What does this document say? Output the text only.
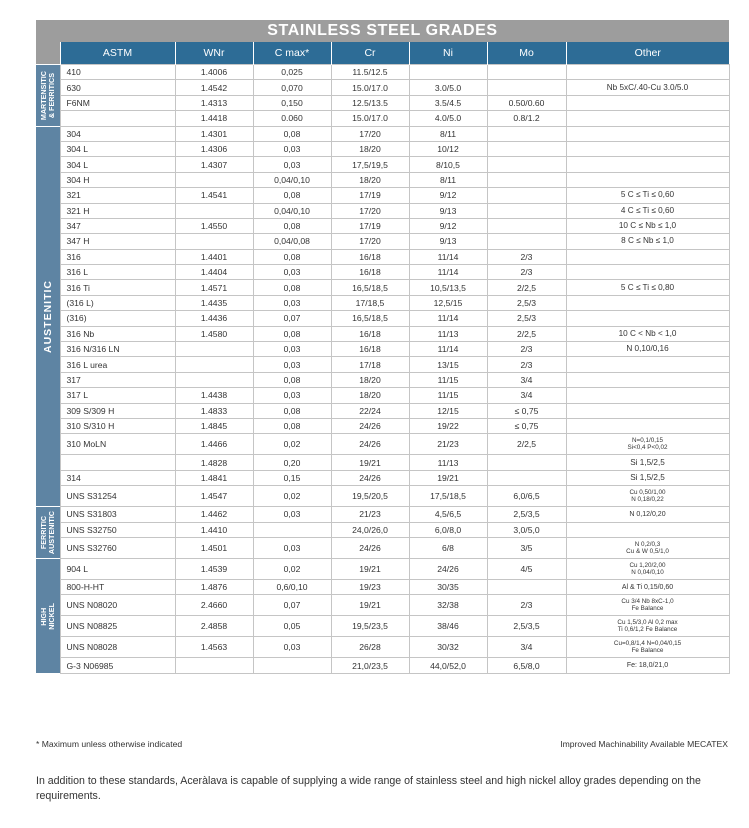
STAINLESS STEEL GRADES
	ASTM	WNr	C max*	Cr	Ni	Mo	Other

MARTENSITIC & FERRITICS	410	1.4006	0,025	11.5/12.5			
	630	1.4542	0,070	15.0/17.0	3.0/5.0		Nb 5xC/.40-Cu 3.0/5.0
	F6NM	1.4313	0,150	12.5/13.5	3.5/4.5	0.50/0.60	
		1.4418	0.060	15.0/17.0	4.0/5.0	0.8/1.2	

AUSTENITIC	304	1.4301	0,08	17/20	8/11		
	304 L	1.4306	0,03	18/20	10/12		
	304 L	1.4307	0,03	17,5/19,5	8/10,5		
	304 H		0,04/0,10	18/20	8/11		
	321	1.4541	0,08	17/19	9/12		5 C ≤ Ti ≤ 0,60
	321 H		0,04/0,10	17/20	9/13		4 C ≤ Ti ≤ 0,60
	347	1.4550	0,08	17/19	9/12		10 C ≤ Nb ≤ 1,0
	347 H		0,04/0,08	17/20	9/13		8 C ≤ Nb ≤ 1,0
	316	1.4401	0,08	16/18	11/14	2/3	
	316 L	1.4404	0,03	16/18	11/14	2/3	
	316 Ti	1.4571	0,08	16,5/18,5	10,5/13,5	2/2,5	5 C ≤ Ti ≤ 0,80
	(316 L)	1.4435	0,03	17/18,5	12,5/15	2,5/3	
	(316)	1.4436	0,07	16,5/18,5	11/14	2,5/3	
	316 Nb	1.4580	0,08	16/18	11/13	2/2,5	10 C < Nb < 1,0
	316 N/316 LN		0,03	16/18	11/14	2/3	N 0,10/0,16
	316 L urea		0,03	17/18	13/15	2/3	
	317		0,08	18/20	11/15	3/4	
	317 L	1.4438	0,03	18/20	11/15	3/4	
	309 S/309 H	1.4833	0,08	22/24	12/15	≤ 0,75	
	310 S/310 H	1.4845	0,08	24/26	19/22	≤ 0,75	
	310 MoLN	1.4466	0,02	24/26	21/23	2/2,5	N=0,1/0,15
Si<0,4 P<0,02

		1.4828	0,20	19/21	11/13		Si 1,5/2,5
	314	1.4841	0,15	24/26	19/21		Si 1,5/2,5
	UNS S31254	1.4547	0,02	19,5/20,5	17,5/18,5	6,0/6,5	Cu 0,50/1,00
N 0,18/0,22

FERRITIC AUSTENITIC	UNS S31803	1.4462	0,03	21/23	4,5/6,5	2,5/3,5	N 0,12/0,20

	UNS S32750	1.4410		24,0/26,0	6,0/8,0	3,0/5,0	
	UNS S32760	1.4501	0,03	24/26	6/8	3/5	N 0,2/0,3
Cu & W 0,5/1,0

HIGH NICKEL	904 L	1.4539	0,02	19/21	24/26	4/5	Cu 1,20/2,00
N 0,04/0,10

	800-H-HT	1.4876	0,6/0,10	19/23	30/35		Al & Ti 0,15/0,60

	UNS N08020	2.4660	0,07	19/21	32/38	2/3	Cu 3/4 Nb 8xC-1,0
Fe Balance

	UNS N08825	2.4858	0,05	19,5/23,5	38/46	2,5/3,5	Cu 1,5/3,0 Al 0,2 max
Ti 0,6/1,2 Fe Balance

	UNS N08028	1.4563	0,03	26/28	30/32	3/4	Cu=0,8/1,4 N=0,04/0,15
Fe Balance

	G-3 N06985			21,0/23,5	44,0/52,0	6,5/8,0	Fe: 18,0/21,0
* Maximum unless otherwise indicated	Improved Machinability Available MECATEX
In addition to these standards, Aceràlava is capable of supplying a wide range of stainless steel and high nickel alloy grades depending on the requirements.
